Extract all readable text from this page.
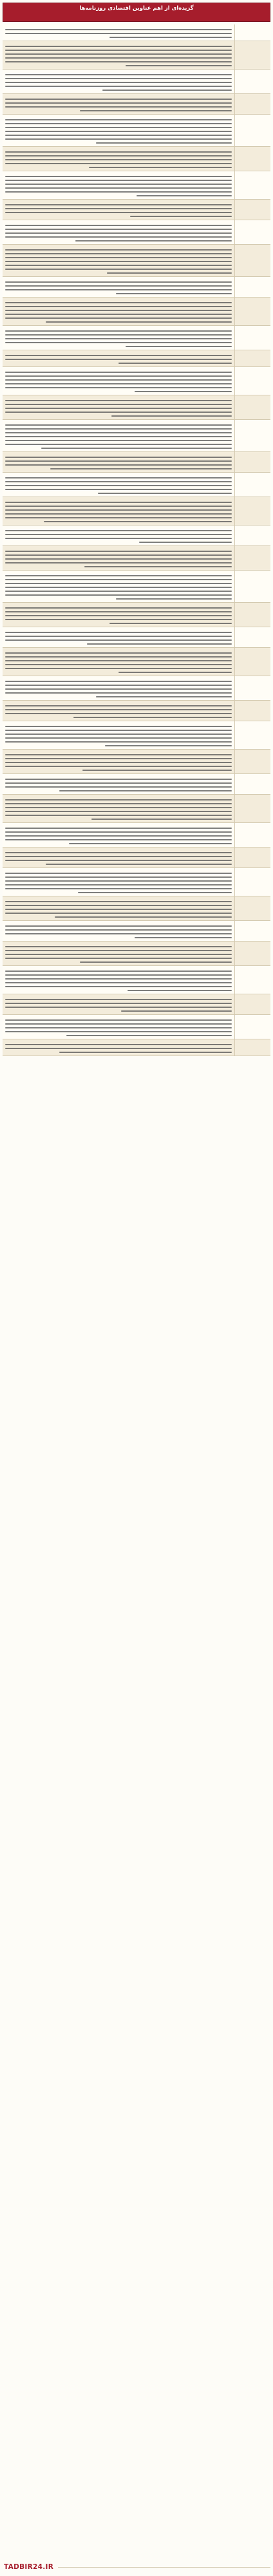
گزیده‌ای از اهم عناوین اقتصادی روزنامه‌ها
TADBIR24.IR
